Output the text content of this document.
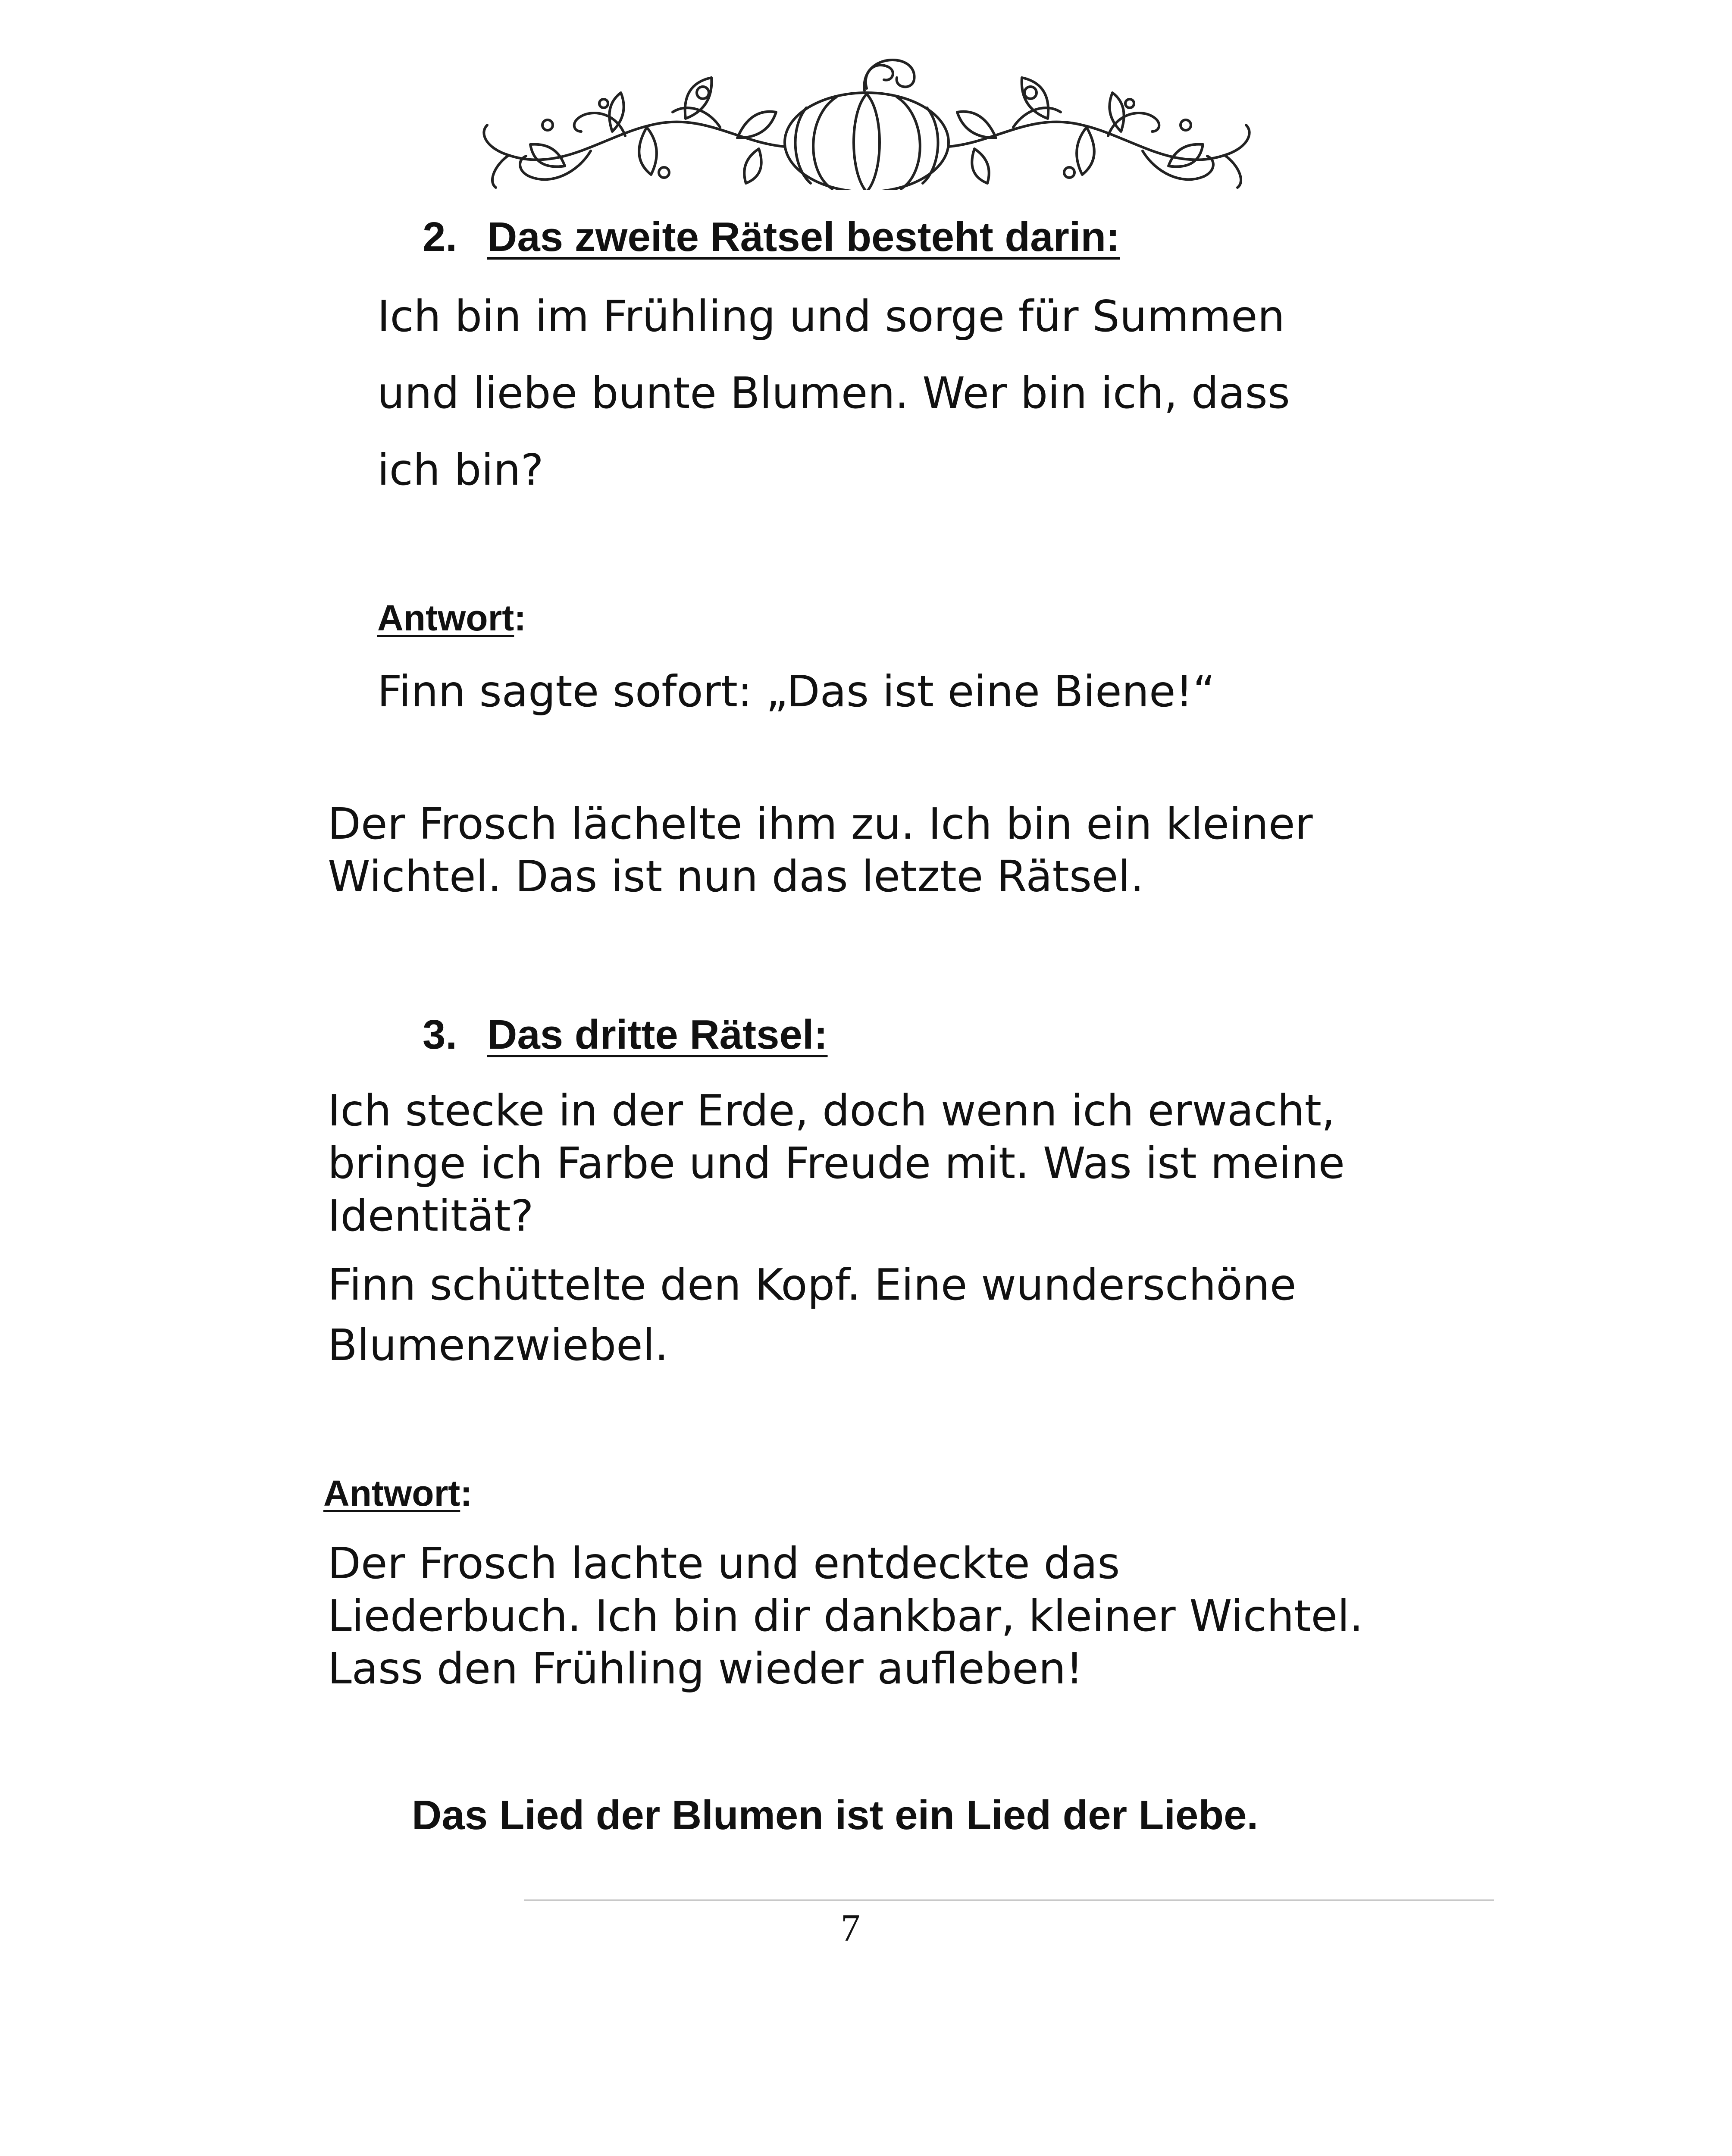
2. Das zweite Rätsel besteht darin:
Ich bin im Frühling und sorge für Summen
und liebe bunte Blumen. Wer bin ich, dass
ich bin?
Antwort:
Finn sagte sofort: „Das ist eine Biene!“
Der Frosch lächelte ihm zu. Ich bin ein kleiner
Wichtel. Das ist nun das letzte Rätsel.
3. Das dritte Rätsel:
Ich stecke in der Erde, doch wenn ich erwacht,
bringe ich Farbe und Freude mit. Was ist meine
Identität?
Finn schüttelte den Kopf. Eine wunderschöne
Blumenzwiebel.
Antwort:
Der Frosch lachte und entdeckte das
Liederbuch. Ich bin dir dankbar, kleiner Wichtel.
Lass den Frühling wieder aufleben!
Das Lied der Blumen ist ein Lied der Liebe.
7
